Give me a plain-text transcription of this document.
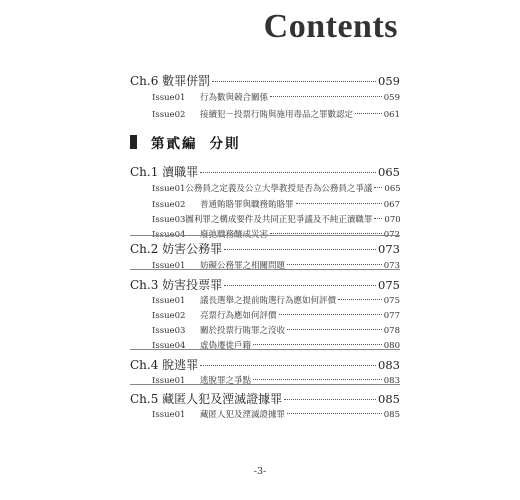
Contents
Ch.6 數罪併罰	059
Issue01	行為數與競合關係	059
Issue02	接續犯－投票行賄與施用毒品之罪數認定	061
第貳編 分則
Ch.1 瀆職罪	065
Issue01 公務員之定義及公立大學教授是否為公務員之爭議 065
Issue02	普通賄賂罪與職務賄賂罪	067
Issue03 圖利罪之構成要件及共同正犯爭議及不純正瀆職罪 070
Issue04	廢弛職務釀成災害	072
Ch.2 妨害公務罪	073
Issue01	妨礙公務罪之相關問題	073
Ch.3 妨害投票罪	075
Issue01	議長選舉之提前賄選行為應如何評價	075
Issue02	亮票行為應如何評價	077
Issue03	關於投票行賄罪之沒收	078
Issue04	虛偽遷徙戶籍	080
Ch.4 脫逃罪	083
Issue01	逃脫罪之爭點	083
Ch.5 藏匿人犯及湮滅證據罪	085
Issue01	藏匿人犯及湮滅證據罪	085
-3-
